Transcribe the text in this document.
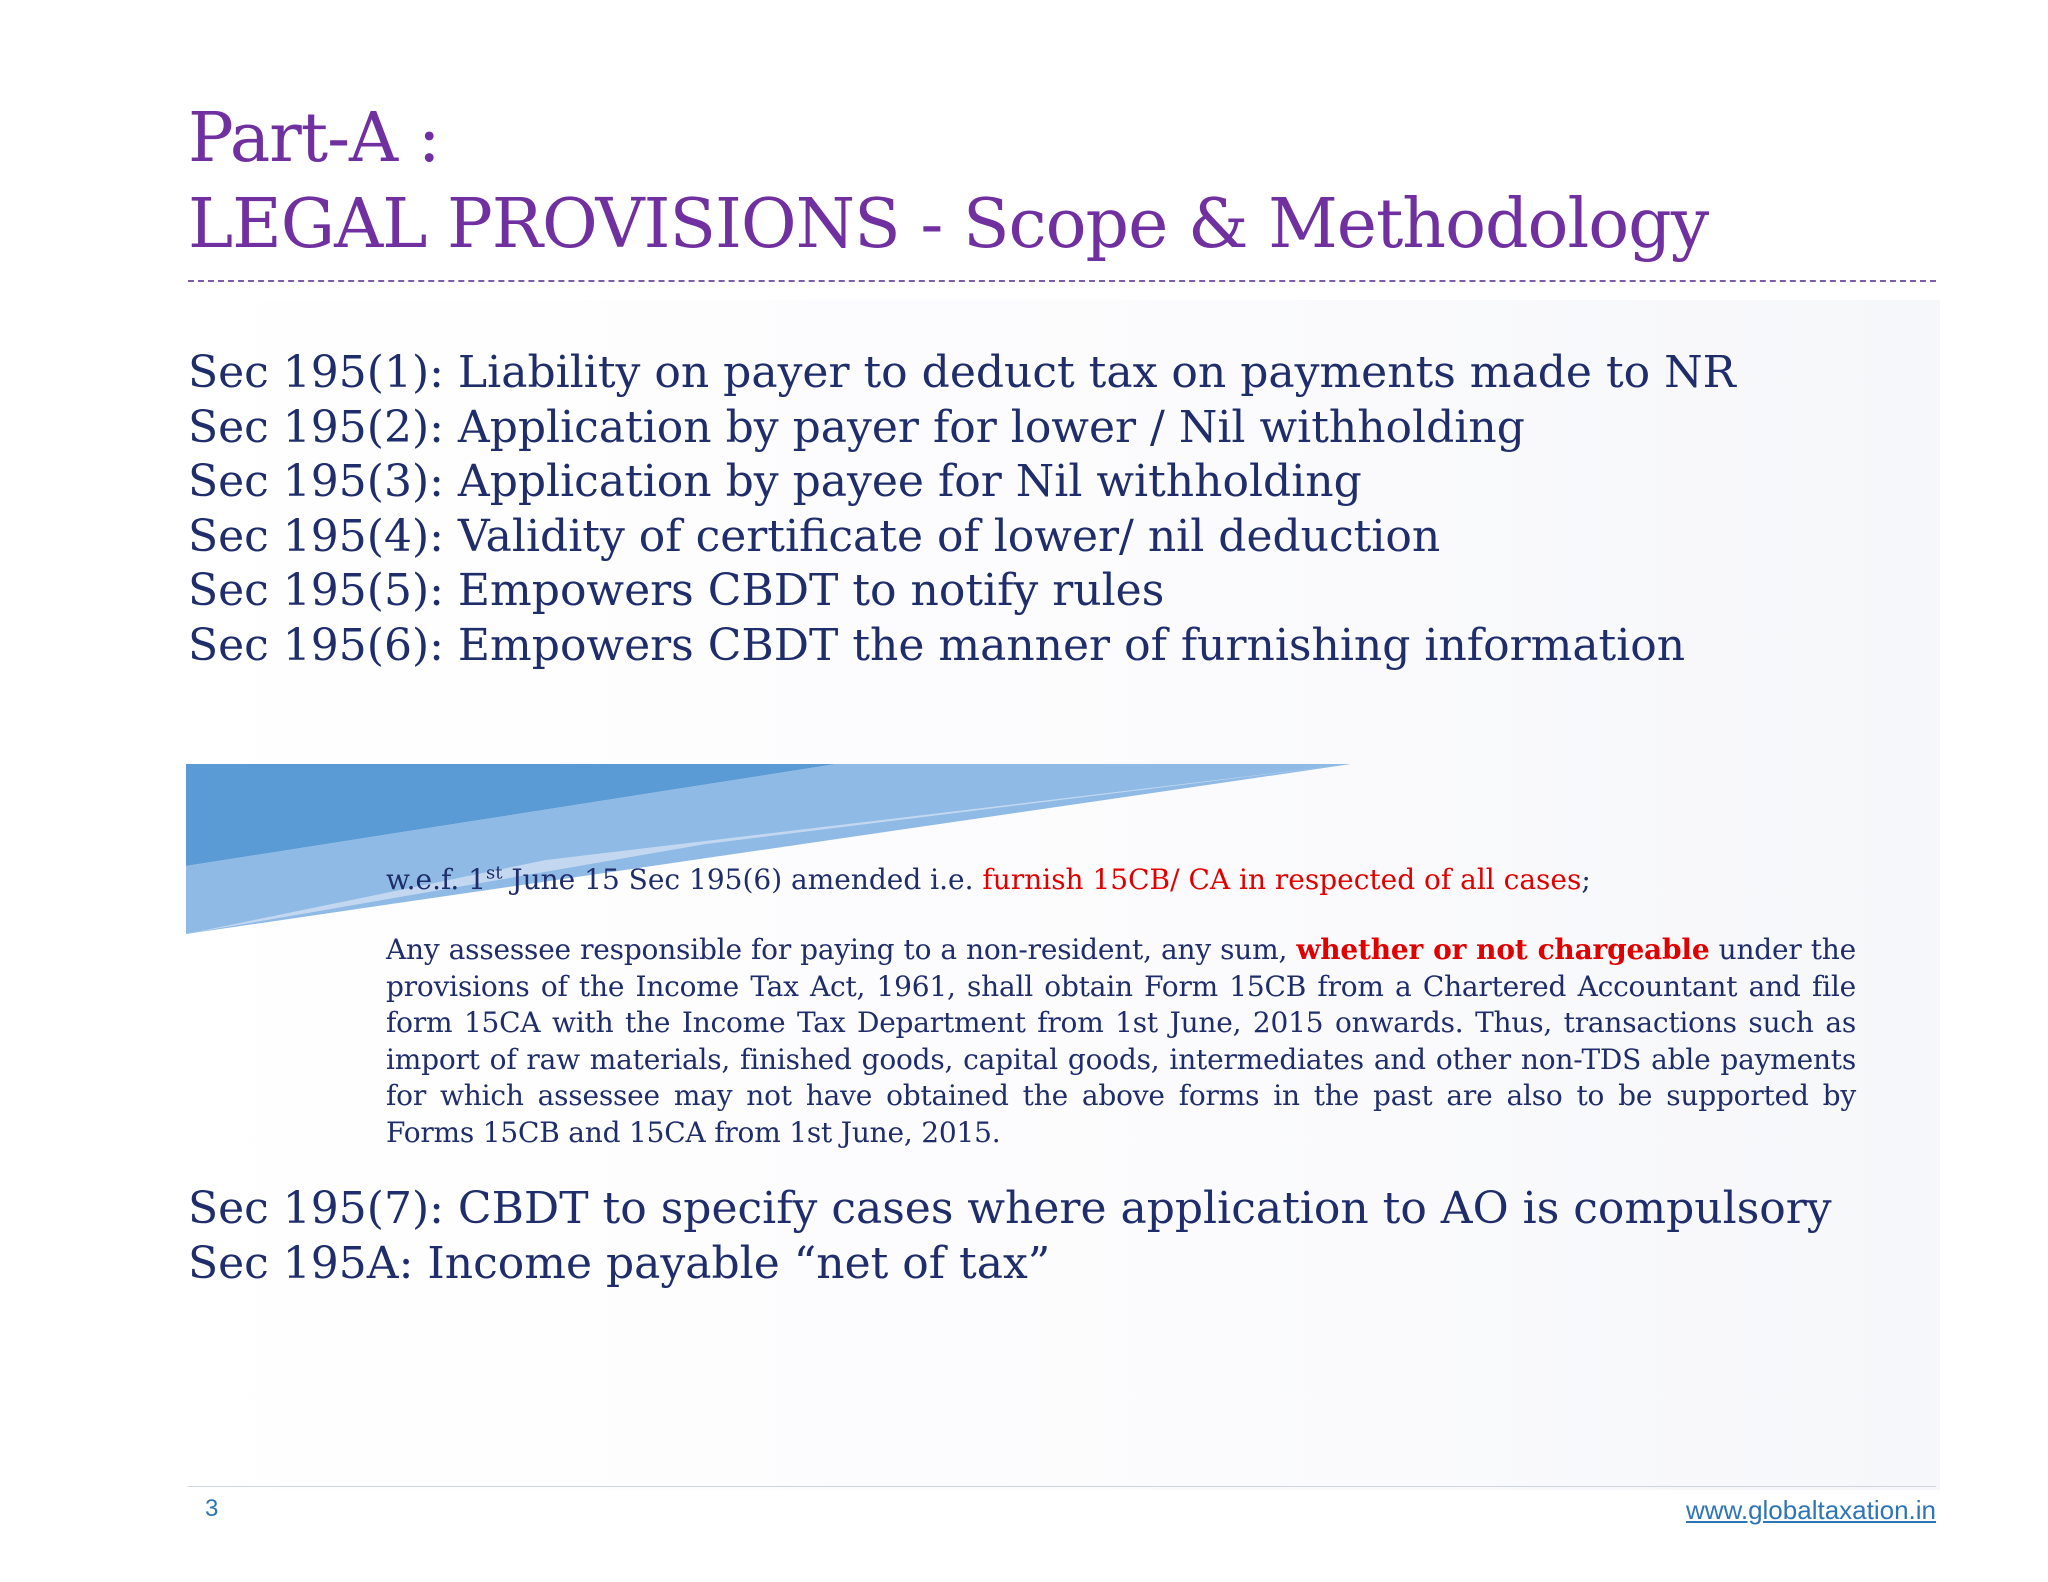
Part-A :
LEGAL PROVISIONS - Scope & Methodology
Sec 195(1): Liability on payer to deduct tax on payments made to NR
Sec 195(2): Application by payer for lower / Nil withholding
Sec 195(3): Application by payee for Nil withholding
Sec 195(4): Validity of certificate of lower/ nil deduction
Sec 195(5): Empowers CBDT to notify rules
Sec 195(6): Empowers CBDT the manner of furnishing information
w.e.f. 1st June 15 Sec 195(6) amended i.e. furnish 15CB/ CA in respected of all cases;
Any assessee responsible for paying to a non-resident, any sum, whether or not chargeable under the provisions of the Income Tax Act, 1961, shall obtain Form 15CB from a Chartered Accountant and file form 15CA with the Income Tax Department from 1st June, 2015 onwards. Thus, transactions such as import of raw materials, finished goods, capital goods, intermediates and other non-TDS able payments for which assessee may not have obtained the above forms in the past are also to be supported by Forms 15CB and 15CA from 1st June, 2015.
Sec 195(7): CBDT to specify cases where application to AO is compulsory
Sec 195A: Income payable “net of tax”
3	www.globaltaxation.in
